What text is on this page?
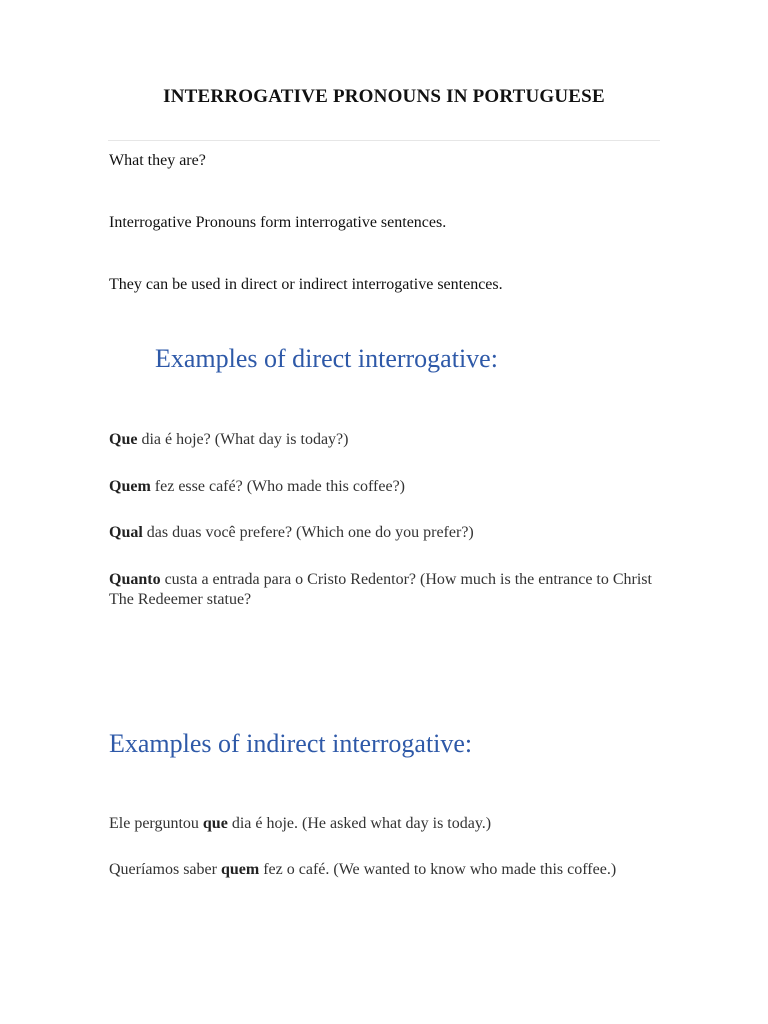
INTERROGATIVE PRONOUNS IN PORTUGUESE
What they are?
Interrogative Pronouns form interrogative sentences.
They can be used in direct or indirect interrogative sentences.
Examples of direct interrogative:
Que dia é hoje? (What day is today?)
Quem fez esse café? (Who made this coffee?)
Qual das duas você prefere? (Which one do you prefer?)
Quanto custa a entrada para o Cristo Redentor? (How much is the entrance to Christ The Redeemer statue?
Examples of indirect interrogative:
Ele perguntou que dia é hoje. (He asked what day is today.)
Queríamos saber quem fez o café. (We wanted to know who made this coffee.)
